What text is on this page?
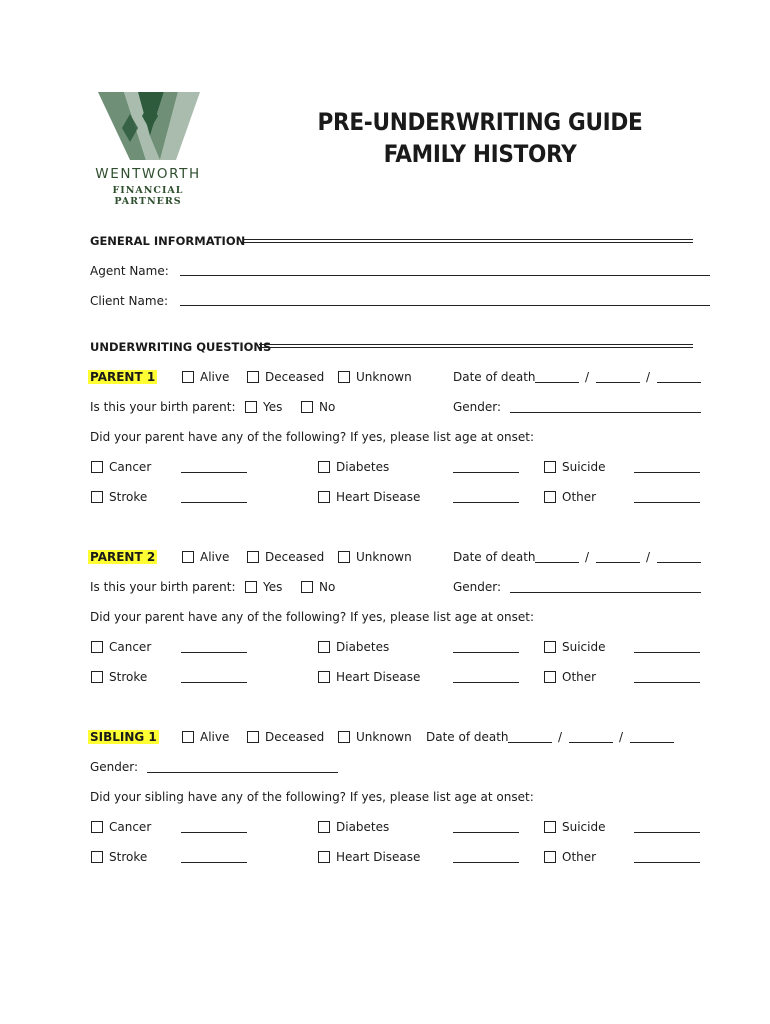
WENTWORTH
FINANCIAL PARTNERS
PRE-UNDERWRITING GUIDE
FAMILY HISTORY
GENERAL INFORMATION
Agent Name:
Client Name:
UNDERWRITING QUESTIONS
PARENT 1	Alive	Deceased	Unknown	Date of death	/	/
Is this your birth parent: Yes	No	Gender:
Did your parent have any of the following? If yes, please list age at onset:
Cancer	Diabetes	Suicide
Stroke	Heart Disease	Other
PARENT 2	Alive	Deceased	Unknown	Date of death	/	/
Is this your birth parent: Yes	No	Gender:
Did your parent have any of the following? If yes, please list age at onset:
Cancer	Diabetes	Suicide
Stroke	Heart Disease	Other
SIBLING 1	Alive	Deceased	Unknown Date of death	/	/
Gender:
Did your sibling have any of the following? If yes, please list age at onset:
Cancer	Diabetes	Suicide
Stroke	Heart Disease	Other
